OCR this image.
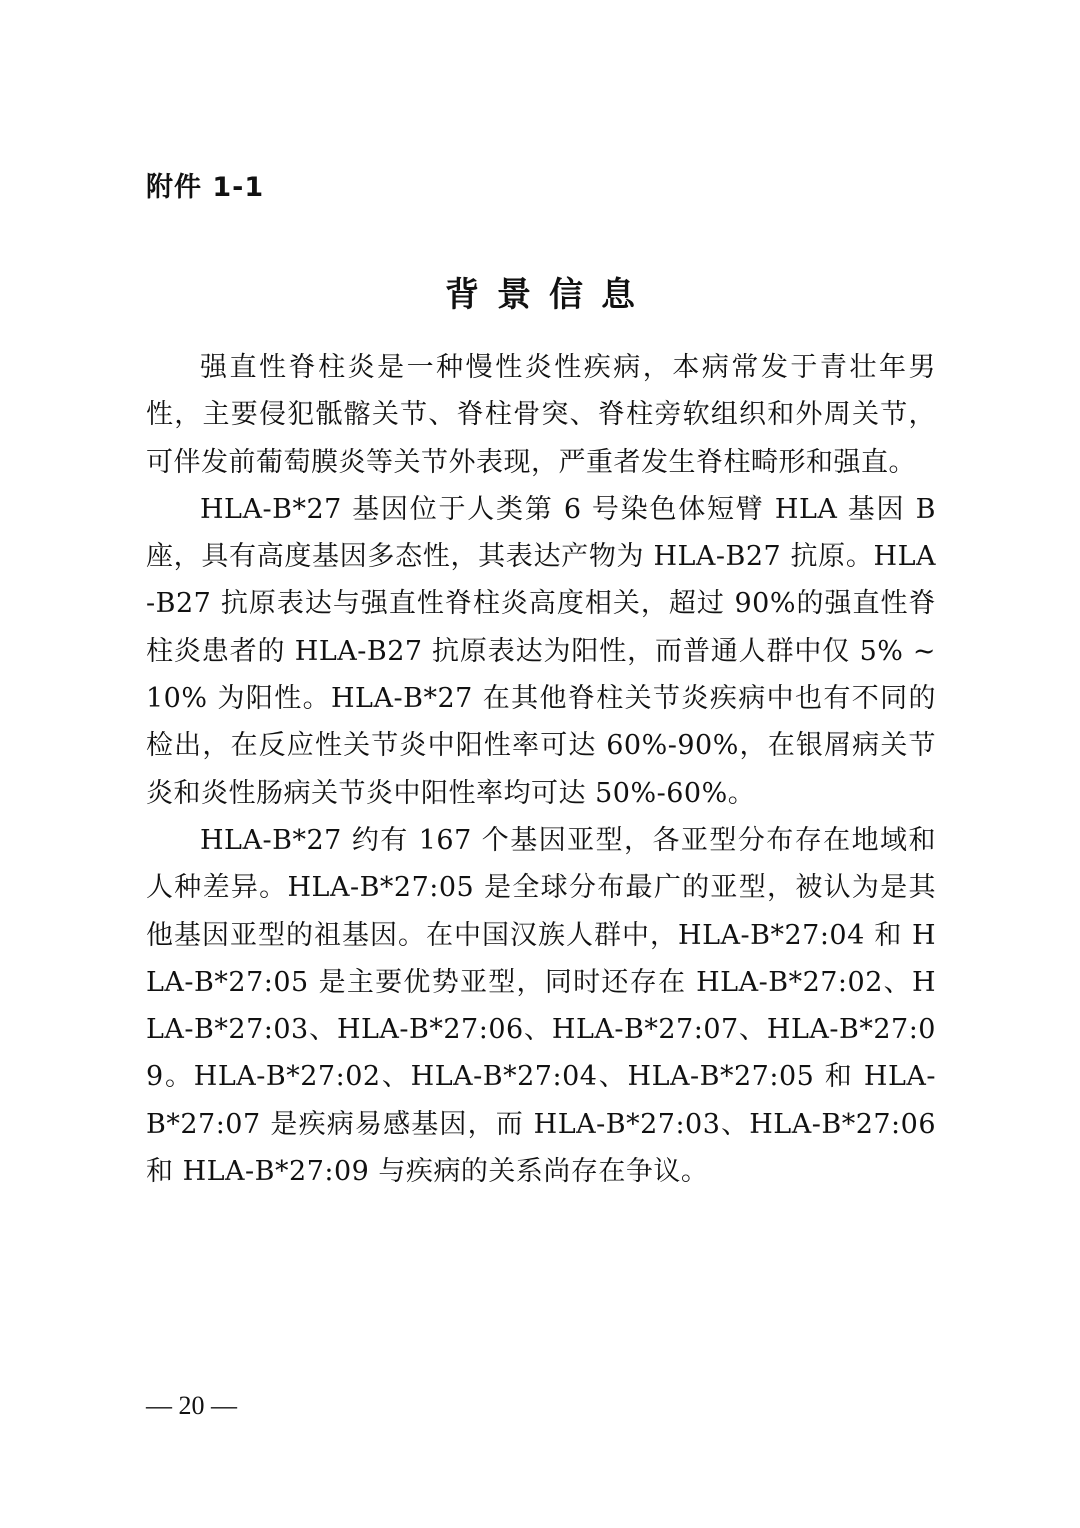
附件 1-1
背景信息

强直性脊柱炎是一种慢性炎性疾病，本病常发于青壮年男性，主要侵犯骶髂关节、脊柱骨突、脊柱旁软组织和外周关节，可伴发前葡萄膜炎等关节外表现，严重者发生脊柱畸形和强直。

HLA-B*27 基因位于人类第 6 号染色体短臂 HLA 基因 B 座，具有高度基因多态性，其表达产物为 HLA-B27 抗原。HLA-B27 抗原表达与强直性脊柱炎高度相关，超过 90%的强直性脊柱炎患者的 HLA-B27 抗原表达为阳性，而普通人群中仅 5% ~10% 为阳性。HLA-B*27 在其他脊柱关节炎疾病中也有不同的检出，在反应性关节炎中阳性率可达 60%-90%，在银屑病关节炎和炎性肠病关节炎中阳性率均可达 50%-60%。

HLA-B*27 约有 167 个基因亚型，各亚型分布存在地域和人种差异。HLA-B*27:05 是全球分布最广的亚型，被认为是其他基因亚型的祖基因。在中国汉族人群中，HLA-B*27:04 和 HLA-B*27:05 是主要优势亚型，同时还存在 HLA-B*27:02、HLA-B*27:03、HLA-B*27:06、HLA-B*27:07、HLA-B*27:09。HLA-B*27:02、HLA-B*27:04、HLA-B*27:05 和 HLA-B*27:07 是疾病易感基因，而 HLA-B*27:03、HLA-B*27:06 和 HLA-B*27:09 与疾病的关系尚存在争议。

— 20 —
